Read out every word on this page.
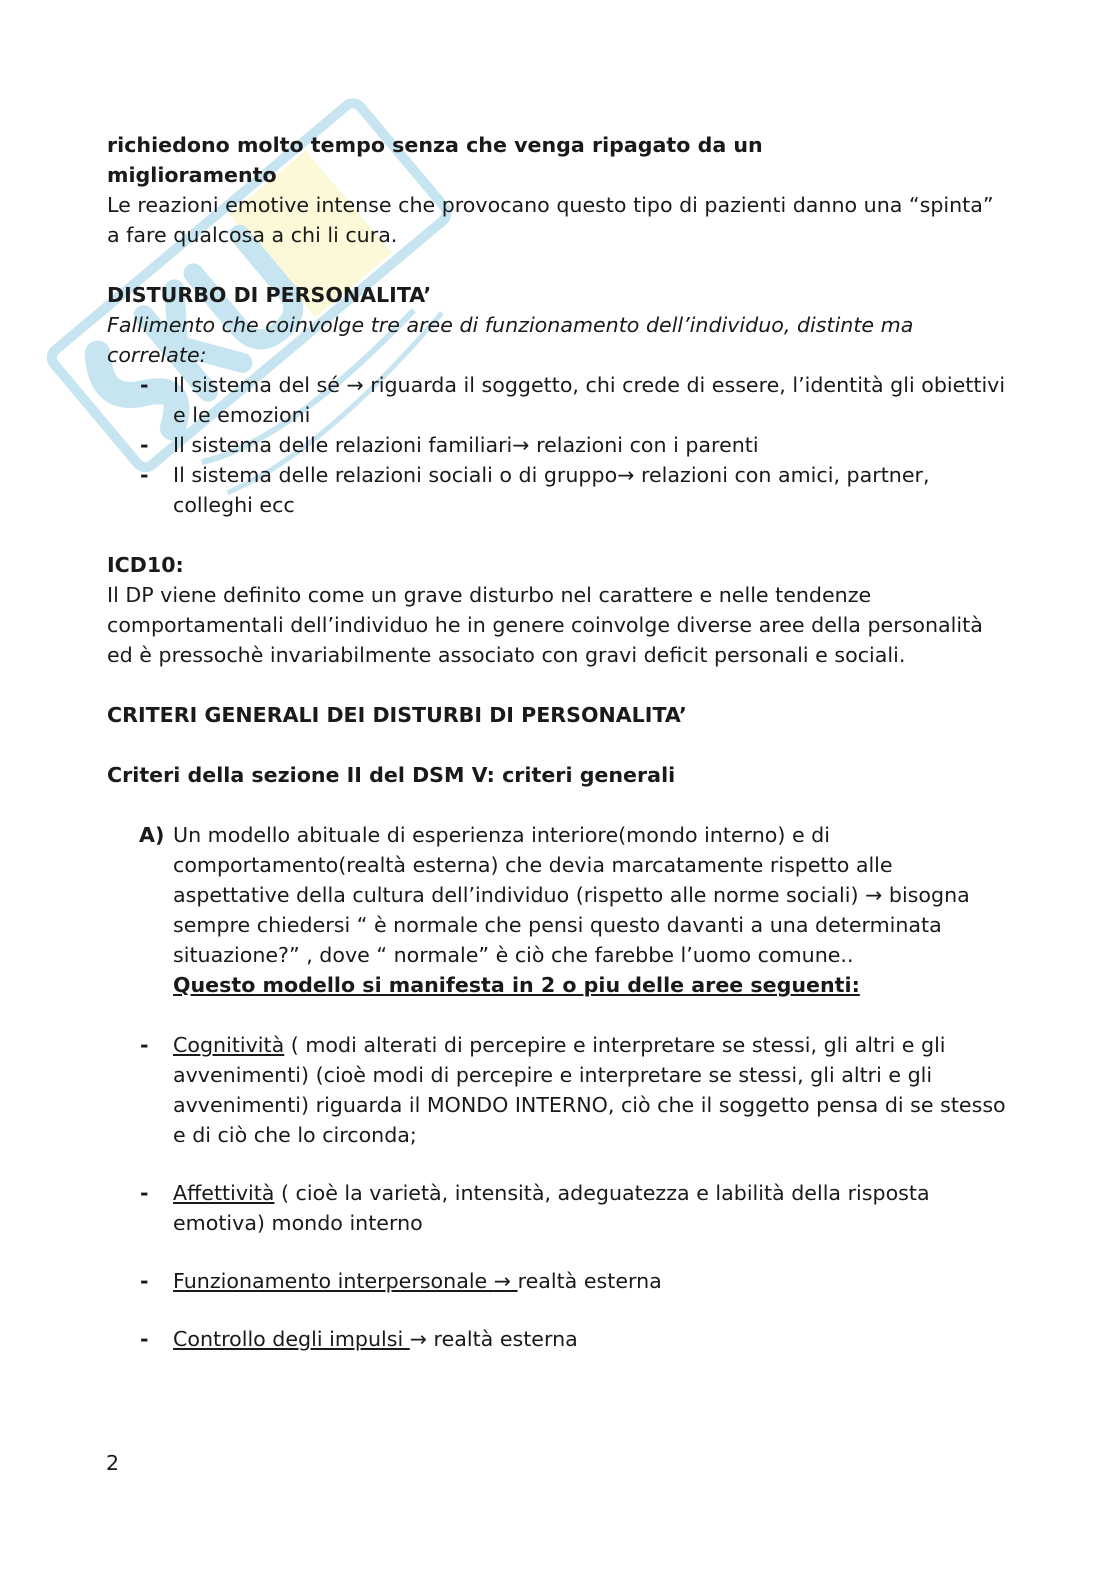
richiedono molto tempo senza che venga ripagato da un

miglioramento

Le reazioni emotive intense che provocano questo tipo di pazienti danno una “spinta” a fare qualcosa a chi li cura.

DISTURBO DI PERSONALITA’

Fallimento che coinvolge tre aree di funzionamento dell’individuo, distinte ma correlate:

- Il sistema del sé → riguarda il soggetto, chi crede di essere, l’identità gli obiettivi e le emozioni
- Il sistema delle relazioni familiari→ relazioni con i parenti
- Il sistema delle relazioni sociali o di gruppo→ relazioni con amici, partner, colleghi ecc

ICD10:

Il DP viene definito come un grave disturbo nel carattere e nelle tendenze comportamentali dell’individuo he in genere coinvolge diverse aree della personalità ed è pressochè invariabilmente associato con gravi deficit personali e sociali.

CRITERI GENERALI DEI DISTURBI DI PERSONALITA’

Criteri della sezione II del DSM V: criteri generali

A) Un modello abituale di esperienza interiore(mondo interno) e di comportamento(realtà esterna) che devia marcatamente rispetto alle aspettative della cultura dell’individuo (rispetto alle norme sociali) → bisogna sempre chiedersi “ è normale che pensi questo davanti a una determinata situazione?” , dove “ normale” è ciò che farebbe l’uomo comune..
Questo modello si manifesta in 2 o piu delle aree seguenti:
- Cognitività ( modi alterati di percepire e interpretare se stessi, gli altri e gli avvenimenti) (cioè modi di percepire e interpretare se stessi, gli altri e gli avvenimenti) riguarda il MONDO INTERNO, ciò che il soggetto pensa di se stesso e di ciò che lo circonda;
- Affettività ( cioè la varietà, intensità, adeguatezza e labilità della risposta emotiva) mondo interno
- Funzionamento interpersonale → realtà esterna
- Controllo degli impulsi → realtà esterna
2
